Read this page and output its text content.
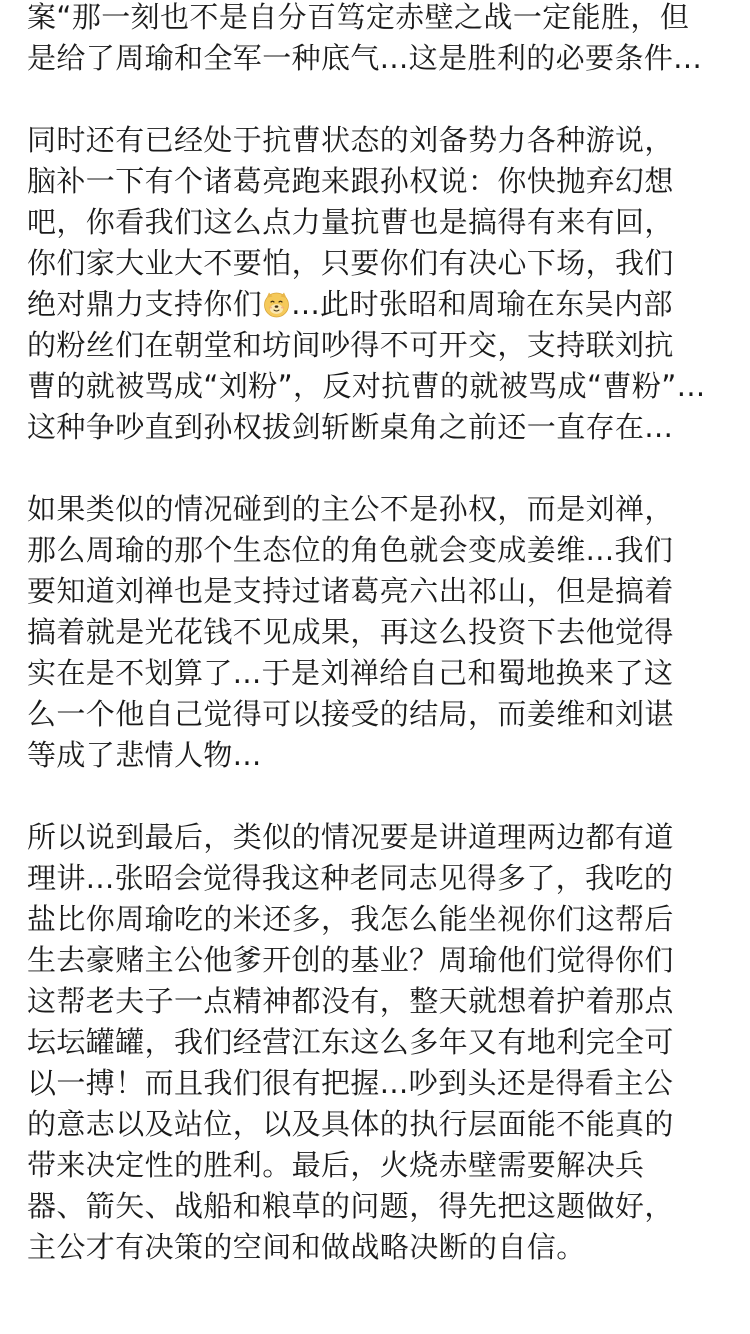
案“那一刻也不是自分百笃定赤壁之战一定能胜，但
是给了周瑜和全军一种底气...这是胜利的必要条件...
同时还有已经处于抗曹状态的刘备势力各种游说，
脑补一下有个诸葛亮跑来跟孙权说：你快抛弃幻想
吧，你看我们这么点力量抗曹也是搞得有来有回，
你们家大业大不要怕，只要你们有决心下场，我们
绝对鼎力支持你们 ...此时张昭和周瑜在东吴内部
的粉丝们在朝堂和坊间吵得不可开交，支持联刘抗
曹的就被骂成“刘粉”，反对抗曹的就被骂成“曹粉”...
这种争吵直到孙权拔剑斩断桌角之前还一直存在...
如果类似的情况碰到的主公不是孙权，而是刘禅，
那么周瑜的那个生态位的角色就会变成姜维...我们
要知道刘禅也是支持过诸葛亮六出祁山，但是搞着
搞着就是光花钱不见成果，再这么投资下去他觉得
实在是不划算了...于是刘禅给自己和蜀地换来了这
么一个他自己觉得可以接受的结局，而姜维和刘谌
等成了悲情人物...
所以说到最后，类似的情况要是讲道理两边都有道
理讲...张昭会觉得我这种老同志见得多了，我吃的
盐比你周瑜吃的米还多，我怎么能坐视你们这帮后
生去豪赌主公他爹开创的基业？周瑜他们觉得你们
这帮老夫子一点精神都没有，整天就想着护着那点
坛坛罐罐，我们经营江东这么多年又有地利完全可
以一搏！而且我们很有把握...吵到头还是得看主公
的意志以及站位，以及具体的执行层面能不能真的
带来决定性的胜利。最后，火烧赤壁需要解决兵
器、箭矢、战船和粮草的问题，得先把这题做好，
主公才有决策的空间和做战略决断的自信。
